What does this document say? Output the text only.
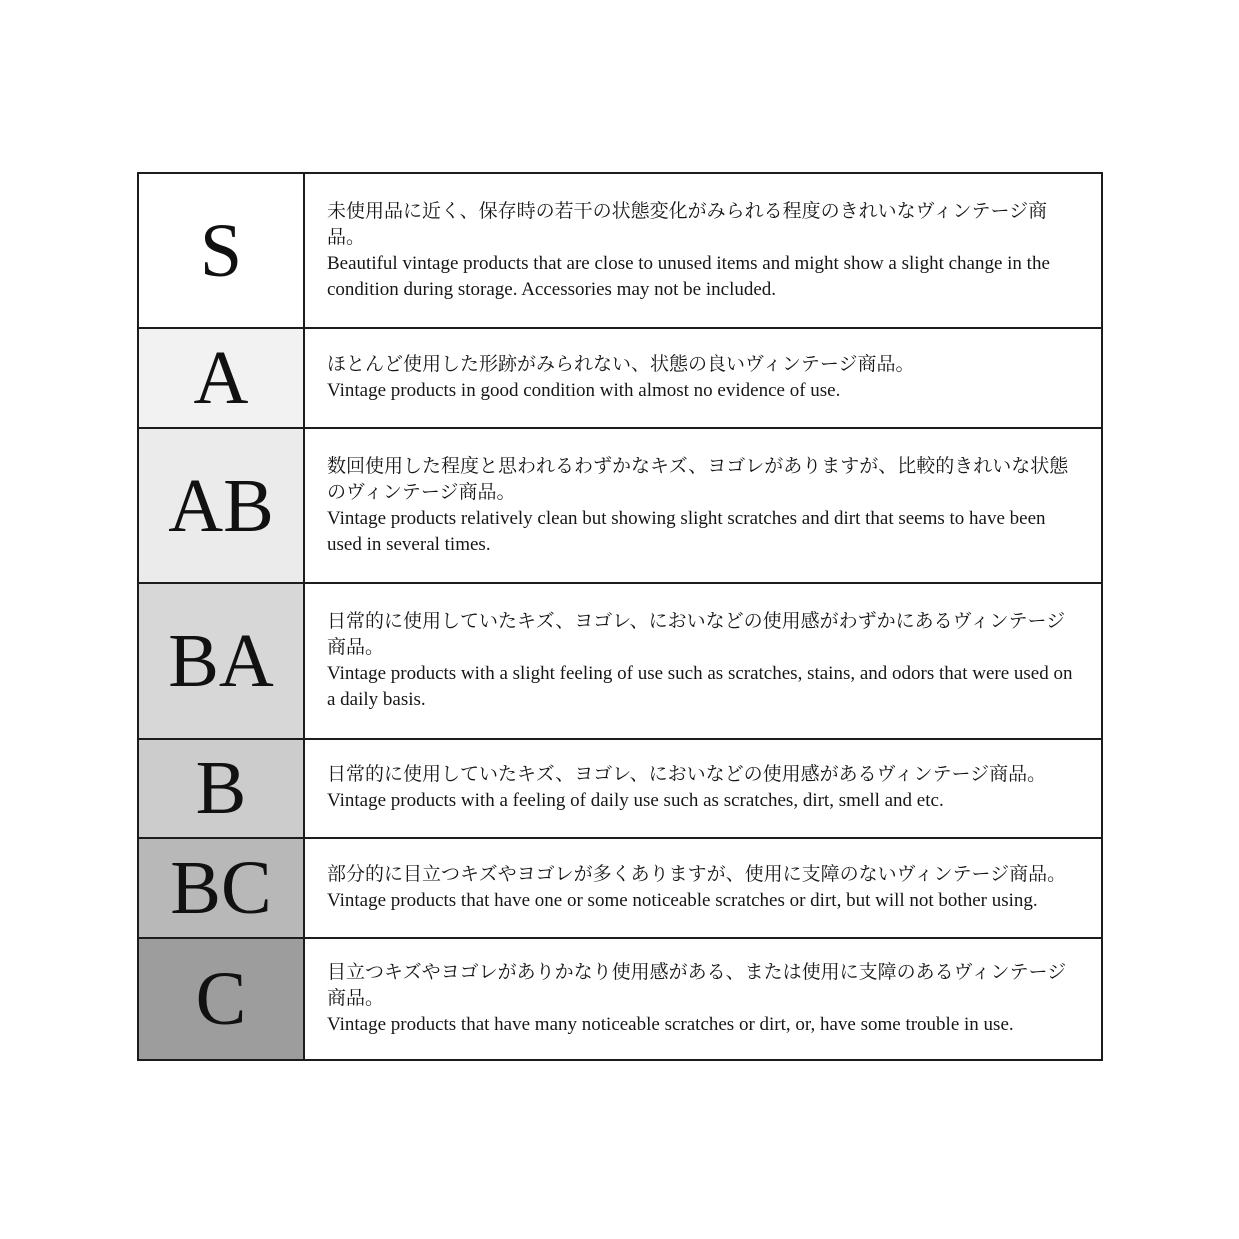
S	未使用品に近く、保存時の若干の状態変化がみられる程度のきれいなヴィンテージ商品。

Beautiful vintage products that are close to unused items and might show a slight change in the condition during storage. Accessories may not be included.

A	ほとんど使用した形跡がみられない、状態の良いヴィンテージ商品。

Vintage products in good condition with almost no evidence of use.

AB	数回使用した程度と思われるわずかなキズ、ヨゴレがありますが、比較的きれいな状態のヴィンテージ商品。

Vintage products relatively clean but showing slight scratches and dirt that seems to have been used in several times.

BA	日常的に使用していたキズ、ヨゴレ、においなどの使用感がわずかにあるヴィンテージ商品。

Vintage products with a slight feeling of use such as scratches, stains, and odors that were used on a daily basis.

B	日常的に使用していたキズ、ヨゴレ、においなどの使用感があるヴィンテージ商品。

Vintage products with a feeling of daily use such as scratches, dirt, smell and etc.

BC	部分的に目立つキズやヨゴレが多くありますが、使用に支障のないヴィンテージ商品。

Vintage products that have one or some noticeable scratches or dirt, but will not bother using.

C	目立つキズやヨゴレがありかなり使用感がある、または使用に支障のあるヴィンテージ商品。

Vintage products that have many noticeable scratches or dirt, or, have some trouble in use.
